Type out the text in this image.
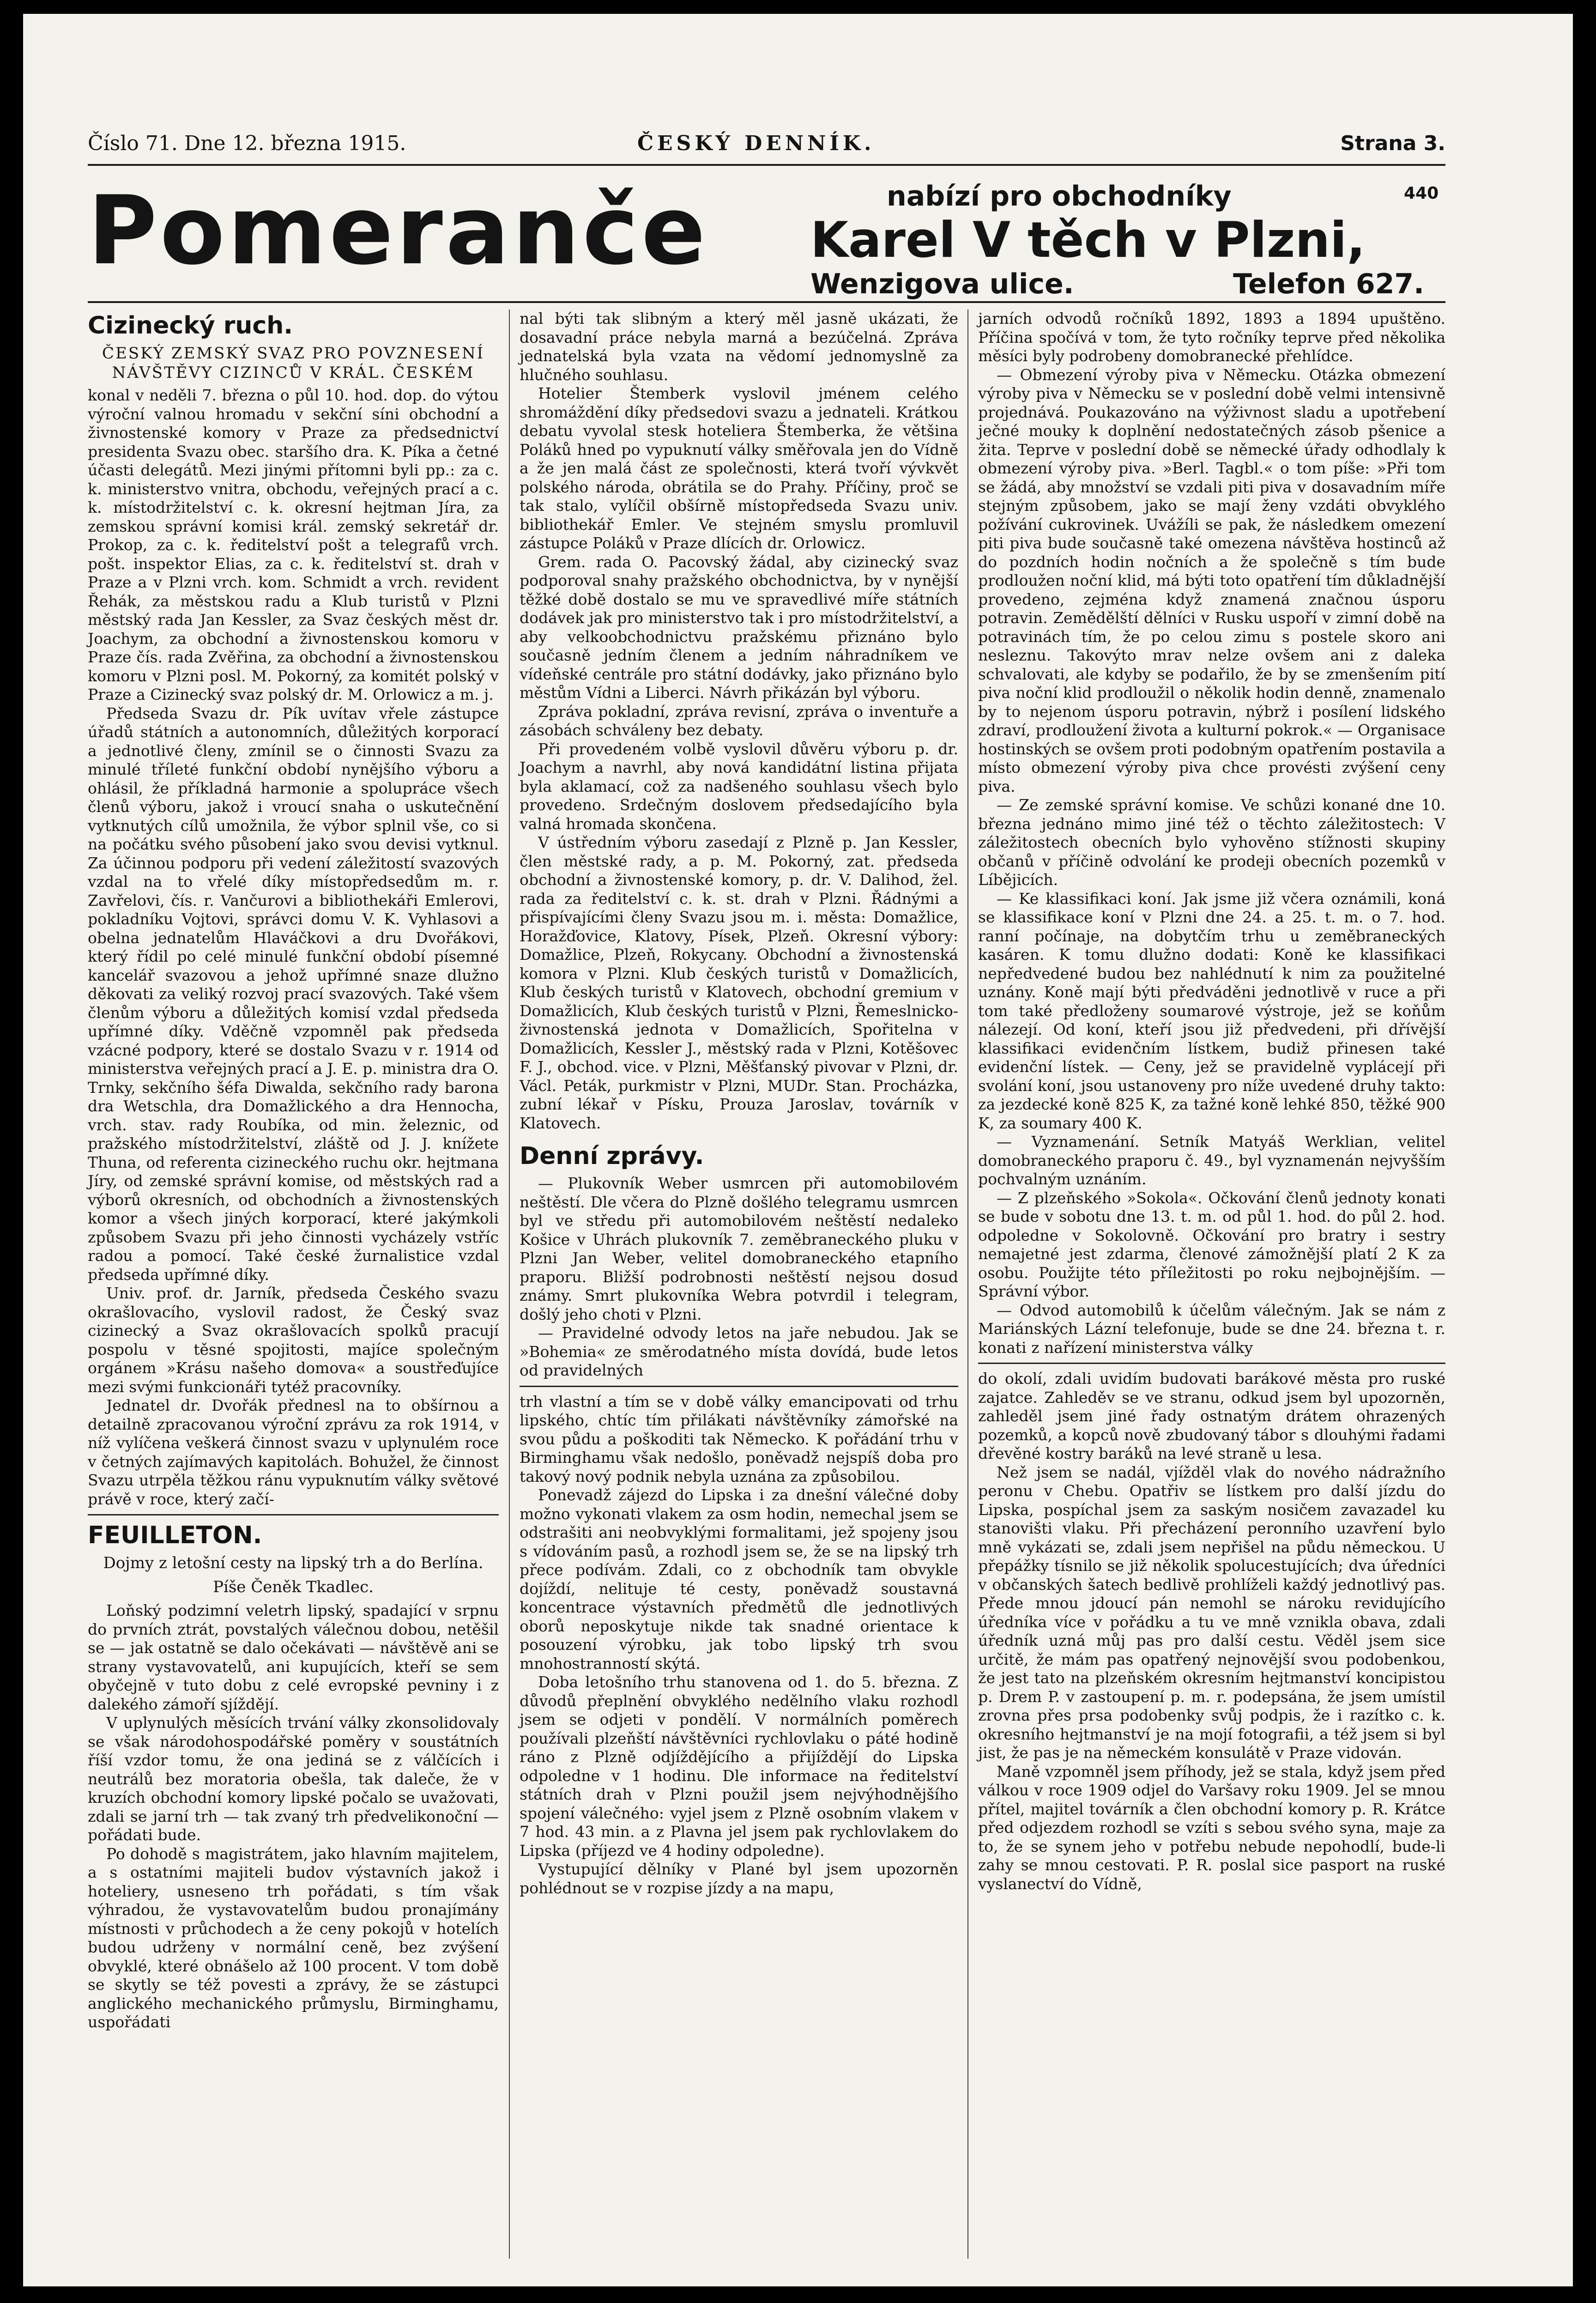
Číslo 71. Dne 12. března 1915.	ČESKÝ DENNÍK.	Strana 3.
Pomeranče	nabízí pro obchodníky	440
Karel V těch v Plzni,
Wenzigova ulice.	Telefon 627.
Cizinecký ruch.
ČESKÝ ZEMSKÝ SVAZ PRO POVZNESENÍ NÁVŠTĚVY CIZINCŮ V KRÁL. ČESKÉM

konal v neděli 7. března o půl 10. hod. dop. do výtou výroční valnou hromadu v sekční síni obchodní a živnostenské komory v Praze za předsednictví presidenta Svazu obec. staršího dra. K. Píka a četné účasti delegátů. Mezi jinými přítomni byli pp.: za c. k. ministerstvo vnitra, obchodu, veřejných prací a c. k. místodržitelství c. k. okresní hejtman Jíra, za zemskou správní komisi král. zemský sekretář dr. Prokop, za c. k. ředitelství pošt a telegrafů vrch. pošt. inspektor Elias, za c. k. ředitelství st. drah v Praze a v Plzni vrch. kom. Schmidt a vrch. revident Řehák, za městskou radu a Klub turistů v Plzni městský rada Jan Kessler, za Svaz českých měst dr. Joachym, za obchodní a živnostenskou komoru v Praze čís. rada Zvěřina, za obchodní a živnostenskou komoru v Plzni posl. M. Pokorný, za komitét polský v Praze a Cizinecký svaz polský dr. M. Orlowicz a m. j.

Předseda Svazu dr. Pík uvítav vřele zástupce úřadů státních a autonomních, důležitých korporací a jednotlivé členy, zmínil se o činnosti Svazu za minulé tříleté funkční období nynějšího výboru a ohlásil, že příkladná harmonie a spolupráce všech členů výboru, jakož i vroucí snaha o uskutečnění vytknutých cílů umožnila, že výbor splnil vše, co si na počátku svého působení jako svou devisi vytknul. Za účinnou podporu při vedení záležitostí svazových vzdal na to vřelé díky místopředsedům m. r. Zavřelovi, čís. r. Vančurovi a bibliothekáři Emlerovi, pokladníku Vojtovi, správci domu V. K. Vyhlasovi a obelna jednatelům Hlaváčkovi a dru Dvořákovi, který řídil po celé minulé funkční období písemné kancelář svazovou a jehož upřímné snaze dlužno děkovati za veliký rozvoj prací svazových. Také všem členům výboru a důležitých komisí vzdal předseda upřímné díky. Vděčně vzpomněl pak předseda vzácné podpory, které se dostalo Svazu v r. 1914 od ministerstva veřejných prací a J. E. p. ministra dra O. Trnky, sekčního šéfa Diwalda, sekčního rady barona dra Wetschla, dra Domažlického a dra Hennocha, vrch. stav. rady Roubíka, od min. železnic, od pražského místodržitelství, zláště od J. J. knížete Thuna, od referenta cizineckého ruchu okr. hejtmana Jíry, od zemské správní komise, od městských rad a výborů okresních, od obchodních a živnostenských komor a všech jiných korporací, které jakýmkoli způsobem Svazu při jeho činnosti vycházely vstříc radou a pomocí. Také české žurnalistice vzdal předseda upřímné díky.

Univ. prof. dr. Jarník, předseda Českého svazu okrašlovacího, vyslovil radost, že Český svaz cizinecký a Svaz okrašlovacích spolků pracují pospolu v těsné spojitosti, majíce společným orgánem »Krásu našeho domova« a soustřeďujíce mezi svými funkcionáři tytéž pracovníky.

Jednatel dr. Dvořák přednesl na to obšírnou a detailně zpracovanou výroční zprávu za rok 1914, v níž vylíčena veškerá činnost svazu v uplynulém roce v četných zajímavých kapitolách. Bohužel, že činnost Svazu utrpěla těžkou ránu vypuknutím války světové právě v roce, který začí-

FEUILLETON.
Dojmy z letošní cesty na lipský trh a do Berlína.
Píše Čeněk Tkadlec.

Loňský podzimní veletrh lipský, spadající v srpnu do prvních ztrát, povstalých válečnou dobou, netěšil se — jak ostatně se dalo očekávati — návštěvě ani se strany vystavovatelů, ani kupujících, kteří se sem obyčejně v tuto dobu z celé evropské pevniny i z dalekého zámoří sjíždějí.

V uplynulých měsících trvání války zkonsolidovaly se však národohospodářské poměry v soustátních říší vzdor tomu, že ona jediná se z válčících i neutrálů bez moratoria obešla, tak daleče, že v kruzích obchodní komory lipské počalo se uvažovati, zdali se jarní trh — tak zvaný trh předvelikonoční — pořádati bude.

Po dohodě s magistrátem, jako hlavním majitelem, a s ostatními majiteli budov výstavních jakož i hoteliery, usneseno trh pořádati, s tím však výhradou, že vystavovatelům budou pronajímány místnosti v průchodech a že ceny pokojů v hotelích budou udrženy v normální ceně, bez zvýšení obvyklé, které obnášelo až 100 procent. V tom době se skytly se též povesti a zprávy, že se zástupci anglického mechanického průmyslu, Birminghamu, uspořádati

nal býti tak slibným a který měl jasně ukázati, že dosavadní práce nebyla marná a bezúčelná. Zpráva jednatelská byla vzata na vědomí jednomyslně za hlučného souhlasu.

Hotelier Štemberk vyslovil jménem celého shromáždění díky předsedovi svazu a jednateli. Krátkou debatu vyvolal stesk hoteliera Štemberka, že většina Poláků hned po vypuknutí války směřovala jen do Vídně a že jen malá část ze společnosti, která tvoří vývkvět polského národa, obrátila se do Prahy. Příčiny, proč se tak stalo, vylíčil obšírně místopředseda Svazu univ. bibliothekář Emler. Ve stejném smyslu promluvil zástupce Poláků v Praze dlících dr. Orlowicz.

Grem. rada O. Pacovský žádal, aby cizinecký svaz podporoval snahy pražského obchodnictva, by v nynější těžké době dostalo se mu ve spravedlivé míře státních dodávek jak pro ministerstvo tak i pro místodržitelství, a aby velkoobchodnictvu pražskému přiznáno bylo současně jedním členem a jedním náhradníkem ve vídeňské centrále pro státní dodávky, jako přiznáno bylo městům Vídni a Liberci. Návrh přikázán byl výboru.

Zpráva pokladní, zpráva revisní, zpráva o inventuře a zásobách schváleny bez debaty.

Při provedeném volbě vyslovil důvěru výboru p. dr. Joachym a navrhl, aby nová kandidátní listina přijata byla aklamací, což za nadšeného souhlasu všech bylo provedeno. Srdečným doslovem předsedajícího byla valná hromada skončena.

V ústředním výboru zasedají z Plzně p. Jan Kessler, člen městské rady, a p. M. Pokorný, zat. předseda obchodní a živnostenské komory, p. dr. V. Dalihod, žel. rada za ředitelství c. k. st. drah v Plzni. Řádnými a přispívajícími členy Svazu jsou m. i. města: Domažlice, Horažďovice, Klatovy, Písek, Plzeň. Okresní výbory: Domažlice, Plzeň, Rokycany. Obchodní a živnostenská komora v Plzni. Klub českých turistů v Domažlicích, Klub českých turistů v Klatovech, obchodní gremium v Domažlicích, Klub českých turistů v Plzni, Řemeslnicko-živnostenská jednota v Domažlicích, Spořitelna v Domažlicích, Kessler J., městský rada v Plzni, Kotěšovec F. J., obchod. vice. v Plzni, Měšťanský pivovar v Plzni, dr. Václ. Peták, purkmistr v Plzni, MUDr. Stan. Procházka, zubní lékař v Písku, Prouza Jaroslav, továrník v Klatovech.

Denní zprávy.

— Plukovník Weber usmrcen při automobilovém neštěstí. Dle včera do Plzně došlého telegramu usmrcen byl ve středu při automobilovém neštěstí nedaleko Košice v Uhrách plukovník 7. zeměbraneckého pluku v Plzni Jan Weber, velitel domobraneckého etapního praporu. Bližší podrobnosti neštěstí nejsou dosud známy. Smrt plukovníka Webra potvrdil i telegram, došlý jeho choti v Plzni.

— Pravidelné odvody letos na jaře nebudou. Jak se »Bohemia« ze směrodatného místa dovídá, bude letos od pravidelných

trh vlastní a tím se v době války emancipovati od trhu lipského, chtíc tím přilákati návštěvníky zámořské na svou půdu a poškoditi tak Německo. K pořádání trhu v Birminghamu však nedošlo, poněvadž nejspíš doba pro takový nový podnik nebyla uznána za způsobilou.

Ponevadž zájezd do Lipska i za dnešní válečné doby možno vykonati vlakem za osm hodin, nemechal jsem se odstrašiti ani neobvyklými formalitami, jež spojeny jsou s vídováním pasů, a rozhodl jsem se, že se na lipský trh přece podívám. Zdali, co z obchodník tam obvykle dojíždí, nelituje té cesty, poněvadž soustavná koncentrace výstavních předmětů dle jednotlivých oborů neposkytuje nikde tak snadné orientace k posouzení výrobku, jak tobo lipský trh svou mnohostranností skýtá.

Doba letošního trhu stanovena od 1. do 5. března. Z důvodů přeplnění obvyklého nedělního vlaku rozhodl jsem se odjeti v pondělí. V normálních poměrech používali plzeňští návštěvníci rychlovlaku o páté hodině ráno z Plzně odjíždějícího a přijíždějí do Lipska odpoledne v 1 hodinu. Dle informace na ředitelství státních drah v Plzni použil jsem nejvýhodnějšího spojení válečného: vyjel jsem z Plzně osobním vlakem v 7 hod. 43 min. a z Plavna jel jsem pak rychlovlakem do Lipska (příjezd ve 4 hodiny odpoledne).

Vystupující dělníky v Plané byl jsem upozorněn pohlédnout se v rozpise jízdy a na mapu,

jarních odvodů ročníků 1892, 1893 a 1894 upuštěno. Příčina spočívá v tom, že tyto ročníky teprve před několika měsíci byly podrobeny domobranecké přehlídce.

— Obmezení výroby piva v Německu. Otázka obmezení výroby piva v Německu se v poslední době velmi intensivně projednává. Poukazováno na výživnost sladu a upotřebení ječné mouky k doplnění nedostatečných zásob pšenice a žita. Teprve v poslední době se německé úřady odhodlaly k obmezení výroby piva. »Berl. Tagbl.« o tom píše: »Při tom se žádá, aby množství se vzdali piti piva v dosavadním míře stejným způsobem, jako se mají ženy vzdáti obvyklého požívání cukrovinek. Uvážíli se pak, že následkem omezení piti piva bude současně také omezena návštěva hostinců až do pozdních hodin nočních a že společně s tím bude prodloužen noční klid, má býti toto opatření tím důkladnější provedeno, zejména když znamená značnou úsporu potravin. Zemědělští dělníci v Rusku uspoří v zimní době na potravinách tím, že po celou zimu s postele skoro ani nesleznu. Takovýto mrav nelze ovšem ani z daleka schvalovati, ale kdyby se podařilo, že by se zmenšením pití piva noční klid prodloužil o několik hodin denně, znamenalo by to nejenom úsporu potravin, nýbrž i posílení lidského zdraví, prodloužení života a kulturní pokrok.« — Organisace hostinských se ovšem proti podobným opatřením postavila a místo obmezení výroby piva chce provésti zvýšení ceny piva.

— Ze zemské správní komise. Ve schůzi konané dne 10. března jednáno mimo jiné též o těchto záležitostech: V záležitostech obecních bylo vyhověno stížnosti skupiny občanů v příčině odvolání ke prodeji obecních pozemků v Líbějicích.

— Ke klassifikaci koní. Jak jsme již včera oznámili, koná se klassifikace koní v Plzni dne 24. a 25. t. m. o 7. hod. ranní počínaje, na dobytčím trhu u zeměbraneckých kasáren. K tomu dlužno dodati: Koně ke klassifikaci nepředvedené budou bez nahlédnutí k nim za použitelné uznány. Koně mají býti předváděni jednotlivě v ruce a při tom také předloženy soumarové výstroje, jež se koňům nálezejí. Od koní, kteří jsou již předvedeni, při dřívější klassifikaci evidenčním lístkem, budiž přinesen také evidenční lístek. — Ceny, jež se pravidelně vyplácejí při svolání koní, jsou ustanoveny pro níže uvedené druhy takto: za jezdecké koně 825 K, za tažné koně lehké 850, těžké 900 K, za soumary 400 K.

— Vyznamenání. Setník Matyáš Werklian, velitel domobraneckého praporu č. 49., byl vyznamenán nejvyšším pochvalným uznáním.

— Z plzeňského »Sokola«. Očkování členů jednoty konati se bude v sobotu dne 13. t. m. od půl 1. hod. do půl 2. hod. odpoledne v Sokolovně. Očkování pro bratry i sestry nemajetné jest zdarma, členové zámožnější platí 2 K za osobu. Použijte této příležitosti po roku nejbojnějším. — Správní výbor.

— Odvod automobilů k účelům válečným. Jak se nám z Mariánských Lázní telefonuje, bude se dne 24. března t. r. konati z nařízení ministerstva války

do okolí, zdali uvidím budovati barákové města pro ruské zajatce. Zahleděv se ve stranu, odkud jsem byl upozorněn, zahleděl jsem jiné řady ostnatým drátem ohrazených pozemků, a kopců nově zbudovaný tábor s dlouhými řadami dřevěné kostry baráků na levé straně u lesa.

Než jsem se nadál, vjížděl vlak do nového nádražního peronu v Chebu. Opatřiv se lístkem pro další jízdu do Lipska, pospíchal jsem za saským nosičem zavazadel ku stanovišti vlaku. Při přecházení peronního uzavření bylo mně vykázati se, zdali jsem nepřišel na půdu německou. U přepážky tísnilo se již několik spolucestujících; dva úředníci v občanských šatech bedlivě prohlíželi každý jednotlivý pas. Přede mnou jdoucí pán nemohl se nároku revidujícího úředníka více v pořádku a tu ve mně vznikla obava, zdali úředník uzná můj pas pro další cestu. Věděl jsem sice určitě, že mám pas opatřený nejnovější svou podobenkou, že jest tato na plzeňském okresním hejtmanství koncipistou p. Drem P. v zastoupení p. m. r. podepsána, že jsem umístil zrovna přes prsa podobenky svůj podpis, že i razítko c. k. okresního hejtmanství je na mojí fotografii, a též jsem si byl jist, že pas je na německém konsulátě v Praze vidován.

Maně vzpomněl jsem příhody, jež se stala, když jsem před válkou v roce 1909 odjel do Varšavy roku 1909. Jel se mnou přítel, majitel továrník a člen obchodní komory p. R. Krátce před odjezdem rozhodl se vzíti s sebou svého syna, maje za to, že se synem jeho v potřebu nebude nepohodlí, bude-li zahy se mnou cestovati. P. R. poslal sice pasport na ruské vyslanectví do Vídně,
